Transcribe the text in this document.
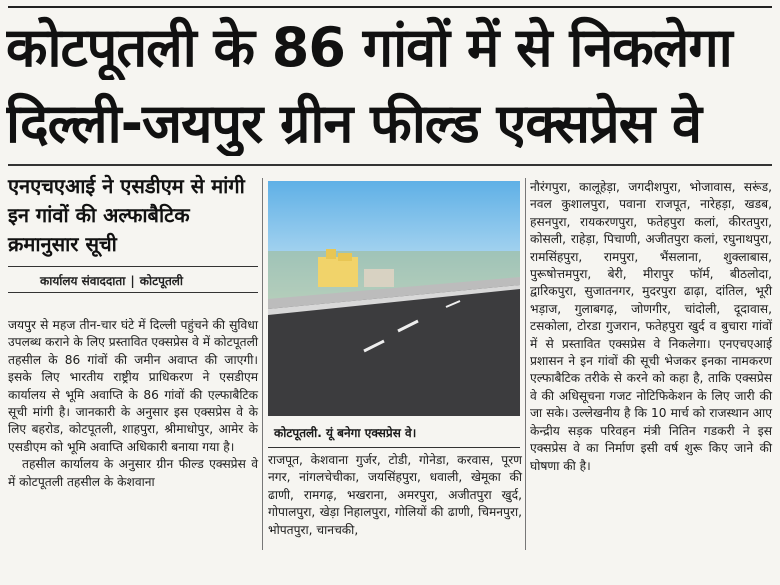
कोटपूतली के 86 गांवों में से निकलेगा
दिल्ली-जयपुर ग्रीन फील्ड एक्सप्रेस वे
एनएचएआई ने एसडीएम से मांगी इन गांवों की अल्फाबैटिक क्रमानुसार सूची
कार्यालय संवाददाता | कोटपूतली

जयपुर से महज तीन-चार घंटे में दिल्ली पहुंचने की सुविधा उपलब्ध कराने के लिए प्रस्तावित एक्सप्रेस वे में कोटपूतली तहसील के 86 गांवों की जमीन अवाप्त की जाएगी। इसके लिए भारतीय राष्ट्रीय प्राधिकरण ने एसडीएम कार्यालय से भूमि अवाप्ति के 86 गांवों की एल्फाबैटिक सूची मांगी है। जानकारी के अनुसार इस एक्सप्रेस वे के लिए बहरोड, कोटपूतली, शाहपुरा, श्रीमाधोपुर, आमेर के एसडीएम को भूमि अवाप्ति अधिकारी बनाया गया है।

तहसील कार्यालय के अनुसार ग्रीन फील्ड एक्सप्रेस वे में कोटपूतली तहसील के केशवाना

कोटपूतली. यूं बनेगा एक्सप्रेस वे।

राजपूत, केशवाना गुर्जर, टोडी, गोनेडा, करवास, पूरण नगर, नांगलचेचीका, जयसिंहपुरा, धवाली, खेमूका की ढाणी, रामगढ़, भखराना, अमरपुरा, अजीतपुरा खुर्द, गोपालपुरा, खेड़ा निहालपुरा, गोलियों की ढाणी, चिमनपुरा, भोपतपुरा, चानचकी,

नौरंगपुरा, कालूहेड़ा, जगदीशपुरा, भोजावास, सरूंड, नवल कुशालपुरा, पवाना राजपूत, नारेहड़ा, खडब, हसनपुरा, रायकरणपुरा, फतेहपुरा कलां, कीरतपुरा, कोसली, राहेड़ा, पिचाणी, अजीतपुरा कलां, रघुनाथपुरा, रामसिंहपुरा, रामपुरा, भैंसलाना, शुक्लाबास, पुरूषोत्तमपुरा, बेरी, मीरापुर फॉर्म, बीठलोदा, द्वारिकपुरा, सुजातनगर, मुदरपुरा ढाढ़ा, दांतिल, भूरी भड़ाज, गुलाबगढ़, जोणगीर, चांदोली, दूदावास, टसकोला, टोरडा गुजरान, फतेहपुरा खुर्द व बुचारा गांवों में से प्रस्तावित एक्सप्रेस वे निकलेगा। एनएचएआई प्रशासन ने इन गांवों की सूची भेजकर इनका नामकरण एल्फाबैटिक तरीके से करने को कहा है, ताकि एक्सप्रेस वे की अधिसूचना गजट नोटिफिकेशन के लिए जारी की जा सके। उल्लेखनीय है कि 10 मार्च को राजस्थान आए केन्द्रीय सड़क परिवहन मंत्री नितिन गडकरी ने इस एक्सप्रेस वे का निर्माण इसी वर्ष शुरू किए जाने की घोषणा की है।
